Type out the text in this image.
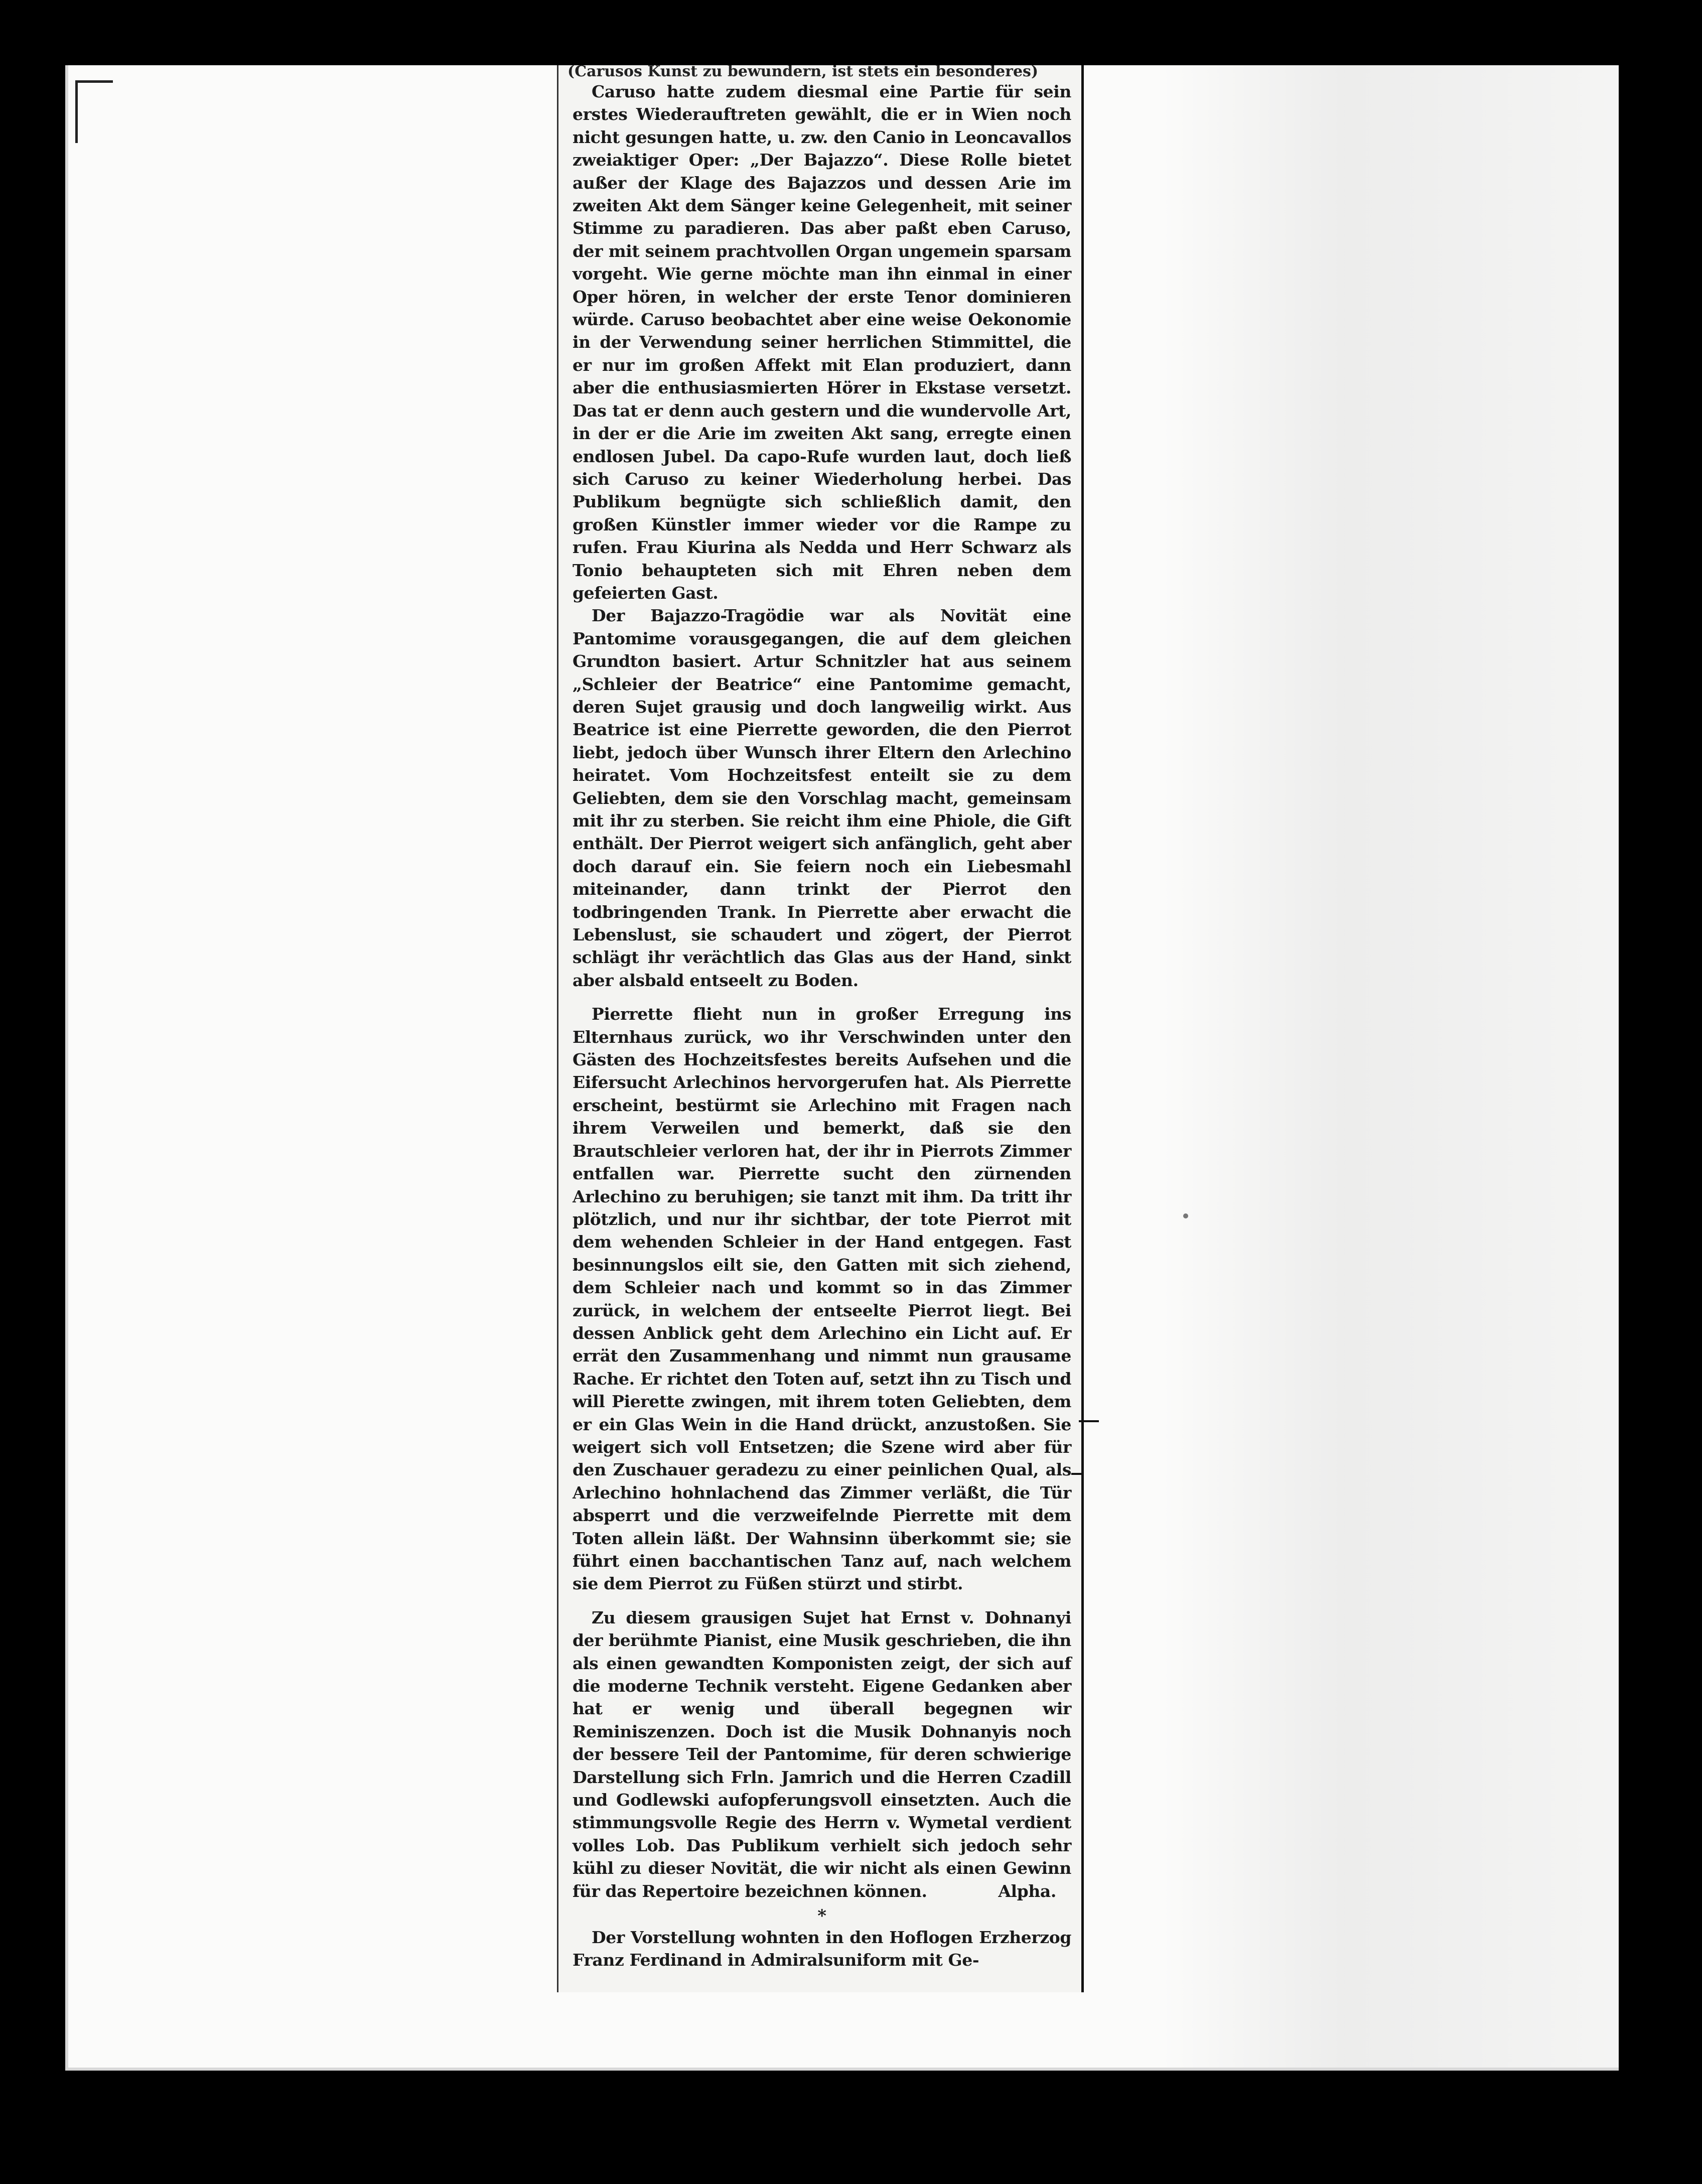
(Carusos Kunst zu bewundern, ist stets ein besonderes)

Caruso hatte zudem diesmal eine Partie für sein erstes Wiederauftreten gewählt, die er in Wien noch nicht gesungen hatte, u. zw. den Canio in Leoncavallos zweiaktiger Oper: „Der Bajazzo“. Diese Rolle bietet außer der Klage des Bajazzos und dessen Arie im zweiten Akt dem Sänger keine Gelegenheit, mit seiner Stimme zu paradieren. Das aber paßt eben Caruso, der mit seinem prachtvollen Organ ungemein sparsam vorgeht. Wie gerne möchte man ihn einmal in einer Oper hören, in welcher der erste Tenor dominieren würde. Caruso beobachtet aber eine weise Oekonomie in der Verwendung seiner herrlichen Stimmittel, die er nur im großen Affekt mit Elan produziert, dann aber die enthusiasmierten Hörer in Ekstase versetzt. Das tat er denn auch gestern und die wundervolle Art, in der er die Arie im zweiten Akt sang, erregte einen endlosen Jubel. Da capo-Rufe wurden laut, doch ließ sich Caruso zu keiner Wiederholung herbei. Das Publikum begnügte sich schließlich damit, den großen Künstler immer wieder vor die Rampe zu rufen. Frau Kiurina als Nedda und Herr Schwarz als Tonio behaupteten sich mit Ehren neben dem gefeierten Gast.

Der Bajazzo-Tragödie war als Novität eine Pantomime vorausgegangen, die auf dem gleichen Grundton basiert. Artur Schnitzler hat aus seinem „Schleier der Beatrice“ eine Pantomime gemacht, deren Sujet grausig und doch langweilig wirkt. Aus Beatrice ist eine Pierrette geworden, die den Pierrot liebt, jedoch über Wunsch ihrer Eltern den Arlechino heiratet. Vom Hochzeitsfest enteilt sie zu dem Geliebten, dem sie den Vorschlag macht, gemeinsam mit ihr zu sterben. Sie reicht ihm eine Phiole, die Gift enthält. Der Pierrot weigert sich anfänglich, geht aber doch darauf ein. Sie feiern noch ein Liebesmahl miteinander, dann trinkt der Pierrot den todbringenden Trank. In Pierrette aber erwacht die Lebenslust, sie schaudert und zögert, der Pierrot schlägt ihr verächtlich das Glas aus der Hand, sinkt aber alsbald entseelt zu Boden.

Pierrette flieht nun in großer Erregung ins Elternhaus zurück, wo ihr Verschwinden unter den Gästen des Hochzeitsfestes bereits Aufsehen und die Eifersucht Arlechinos hervorgerufen hat. Als Pierrette erscheint, bestürmt sie Arlechino mit Fragen nach ihrem Verweilen und bemerkt, daß sie den Brautschleier verloren hat, der ihr in Pierrots Zimmer entfallen war. Pierrette sucht den zürnenden Arlechino zu beruhigen; sie tanzt mit ihm. Da tritt ihr plötzlich, und nur ihr sichtbar, der tote Pierrot mit dem wehenden Schleier in der Hand entgegen. Fast besinnungslos eilt sie, den Gatten mit sich ziehend, dem Schleier nach und kommt so in das Zimmer zurück, in welchem der entseelte Pierrot liegt. Bei dessen Anblick geht dem Arlechino ein Licht auf. Er errät den Zusammenhang und nimmt nun grausame Rache. Er richtet den Toten auf, setzt ihn zu Tisch und will Pierette zwingen, mit ihrem toten Geliebten, dem er ein Glas Wein in die Hand drückt, anzustoßen. Sie weigert sich voll Entsetzen; die Szene wird aber für den Zuschauer geradezu zu einer peinlichen Qual, als Arlechino hohnlachend das Zimmer verläßt, die Tür absperrt und die verzweifelnde Pierrette mit dem Toten allein läßt. Der Wahnsinn überkommt sie; sie führt einen bacchantischen Tanz auf, nach welchem sie dem Pierrot zu Füßen stürzt und stirbt.

Zu diesem grausigen Sujet hat Ernst v. Dohnanyi der berühmte Pianist, eine Musik geschrieben, die ihn als einen gewandten Komponisten zeigt, der sich auf die moderne Technik versteht. Eigene Gedanken aber hat er wenig und überall begegnen wir Reminiszenzen. Doch ist die Musik Dohnanyis noch der bessere Teil der Pantomime, für deren schwierige Darstellung sich Frln. Jamrich und die Herren Czadill und Godlewski aufopferungsvoll einsetzten. Auch die stimmungsvolle Regie des Herrn v. Wymetal verdient volles Lob. Das Publikum verhielt sich jedoch sehr kühl zu dieser Novität, die wir nicht als einen Gewinn für das Repertoire bezeichnen können.	Alpha.
*

Der Vorstellung wohnten in den Hoflogen Erzherzog Franz Ferdinand in Admiralsuniform mit Ge-
